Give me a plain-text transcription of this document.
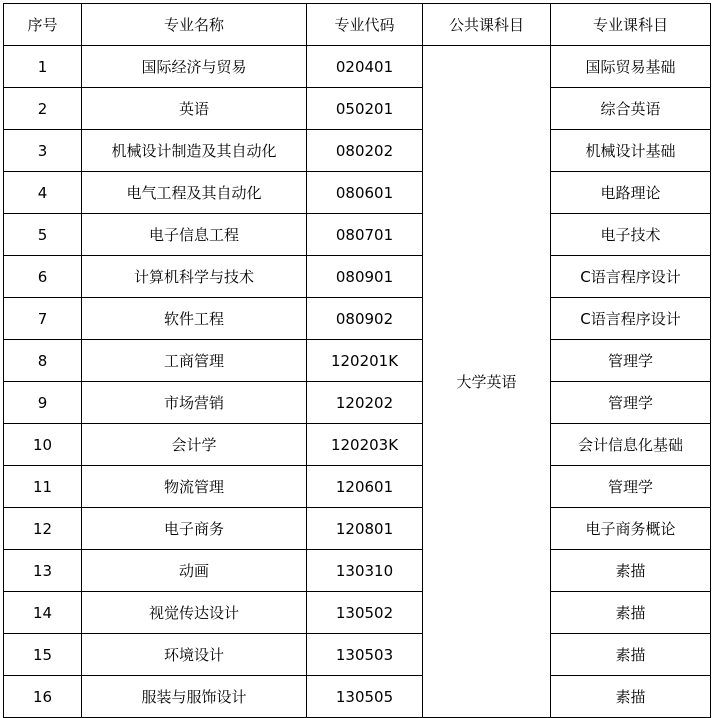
序号	专业名称	专业代码	公共课科目	专业课科目
1	国际经济与贸易	020401	大学英语	国际贸易基础
2	英语	050201		综合英语
3	机械设计制造及其自动化	080202		机械设计基础
4	电气工程及其自动化	080601		电路理论
5	电子信息工程	080701		电子技术
6	计算机科学与技术	080901		C语言程序设计
7	软件工程	080902		C语言程序设计
8	工商管理	120201K		管理学
9	市场营销	120202		管理学
10	会计学	120203K		会计信息化基础
11	物流管理	120601		管理学
12	电子商务	120801		电子商务概论
13	动画	130310		素描
14	视觉传达设计	130502		素描
15	环境设计	130503		素描
16	服装与服饰设计	130505		素描
